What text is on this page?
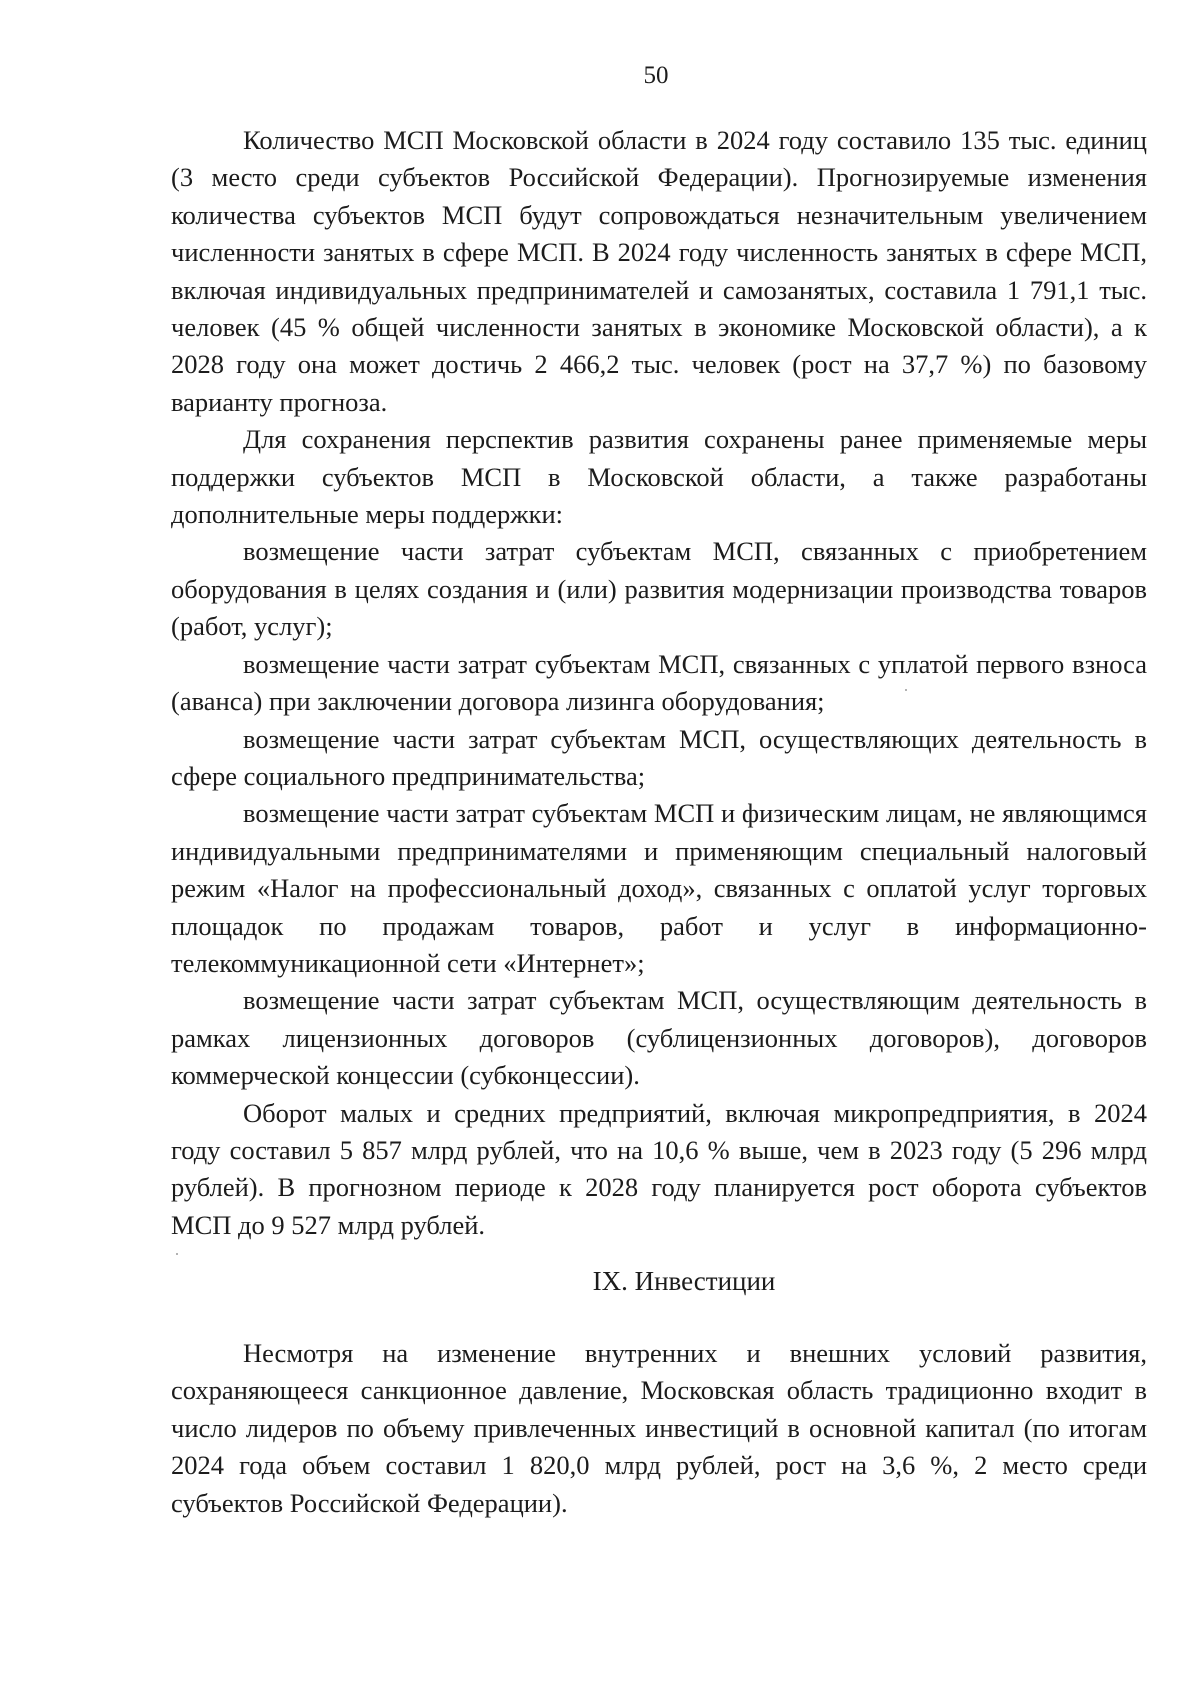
50

Количество МСП Московской области в 2024 году составило 135 тыс. единиц (3 место среди субъектов Российской Федерации). Прогнозируемые изменения количества субъектов МСП будут сопровождаться незначительным увеличением численности занятых в сфере МСП. В 2024 году численность занятых в сфере МСП, включая индивидуальных предпринимателей и самозанятых, составила 1 791,1 тыс. человек (45 % общей численности занятых в экономике Московской области), а к 2028 году она может достичь 2 466,2 тыс. человек (рост на 37,7 %) по базовому варианту прогноза.

Для сохранения перспектив развития сохранены ранее применяемые меры поддержки субъектов МСП в Московской области, а также разработаны дополнительные меры поддержки:

возмещение части затрат субъектам МСП, связанных с приобретением оборудования в целях создания и (или) развития модернизации производства товаров (работ, услуг);

возмещение части затрат субъектам МСП, связанных с уплатой первого взноса (аванса) при заключении договора лизинга оборудования;

возмещение части затрат субъектам МСП, осуществляющих деятельность в сфере социального предпринимательства;

возмещение части затрат субъектам МСП и физическим лицам, не являющимся индивидуальными предпринимателями и применяющим специальный налоговый режим «Налог на профессиональный доход», связанных с оплатой услуг торговых площадок по продажам товаров, работ и услуг в информационно-телекоммуникационной сети «Интернет»;

возмещение части затрат субъектам МСП, осуществляющим деятельность в рамках лицензионных договоров (сублицензионных договоров), договоров коммерческой концессии (субконцессии).

Оборот малых и средних предприятий, включая микропредприятия, в 2024 году составил 5 857 млрд рублей, что на 10,6 % выше, чем в 2023 году (5 296 млрд рублей). В прогнозном периоде к 2028 году планируется рост оборота субъектов МСП до 9 527 млрд рублей.

IX. Инвестиции

Несмотря на изменение внутренних и внешних условий развития, сохраняющееся санкционное давление, Московская область традиционно входит в число лидеров по объему привлеченных инвестиций в основной капитал (по итогам 2024 года объем составил 1 820,0 млрд рублей, рост на 3,6 %, 2 место среди субъектов Российской Федерации).
